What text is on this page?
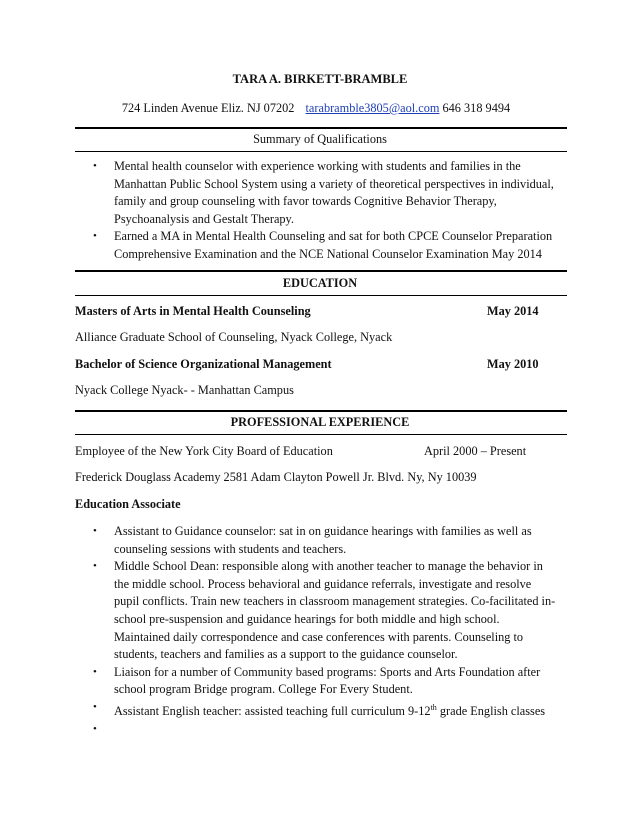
TARA A. BIRKETT-BRAMBLE
724 Linden Avenue Eliz. NJ 07202 tarabramble3805@aol.com 646 318 9494
Summary of Qualifications
• Mental health counselor with experience working with students and families in the
Manhattan Public School System using a variety of theoretical perspectives in individual,
family and group counseling with favor towards Cognitive Behavior Therapy,
Psychoanalysis and Gestalt Therapy.
• Earned a MA in Mental Health Counseling and sat for both CPCE Counselor Preparation
Comprehensive Examination and the NCE National Counselor Examination May 2014
EDUCATION
Masters of Arts in Mental Health Counseling	May 2014
Alliance Graduate School of Counseling, Nyack College, Nyack
Bachelor of Science Organizational Management	May 2010
Nyack College Nyack- - Manhattan Campus
PROFESSIONAL EXPERIENCE
Employee of the New York City Board of Education	April 2000 – Present
Frederick Douglass Academy 2581 Adam Clayton Powell Jr. Blvd. Ny, Ny 10039
Education Associate
• Assistant to Guidance counselor: sat in on guidance hearings with families as well as
counseling sessions with students and teachers.
• Middle School Dean: responsible along with another teacher to manage the behavior in
the middle school. Process behavioral and guidance referrals, investigate and resolve
pupil conflicts. Train new teachers in classroom management strategies. Co-facilitated in-
school pre-suspension and guidance hearings for both middle and high school.
Maintained daily correspondence and case conferences with parents. Counseling to
students, teachers and families as a support to the guidance counselor.
• Liaison for a number of Community based programs: Sports and Arts Foundation after
school program Bridge program. College For Every Student.
• Assistant English teacher: assisted teaching full curriculum 9-12th grade English classes
•
